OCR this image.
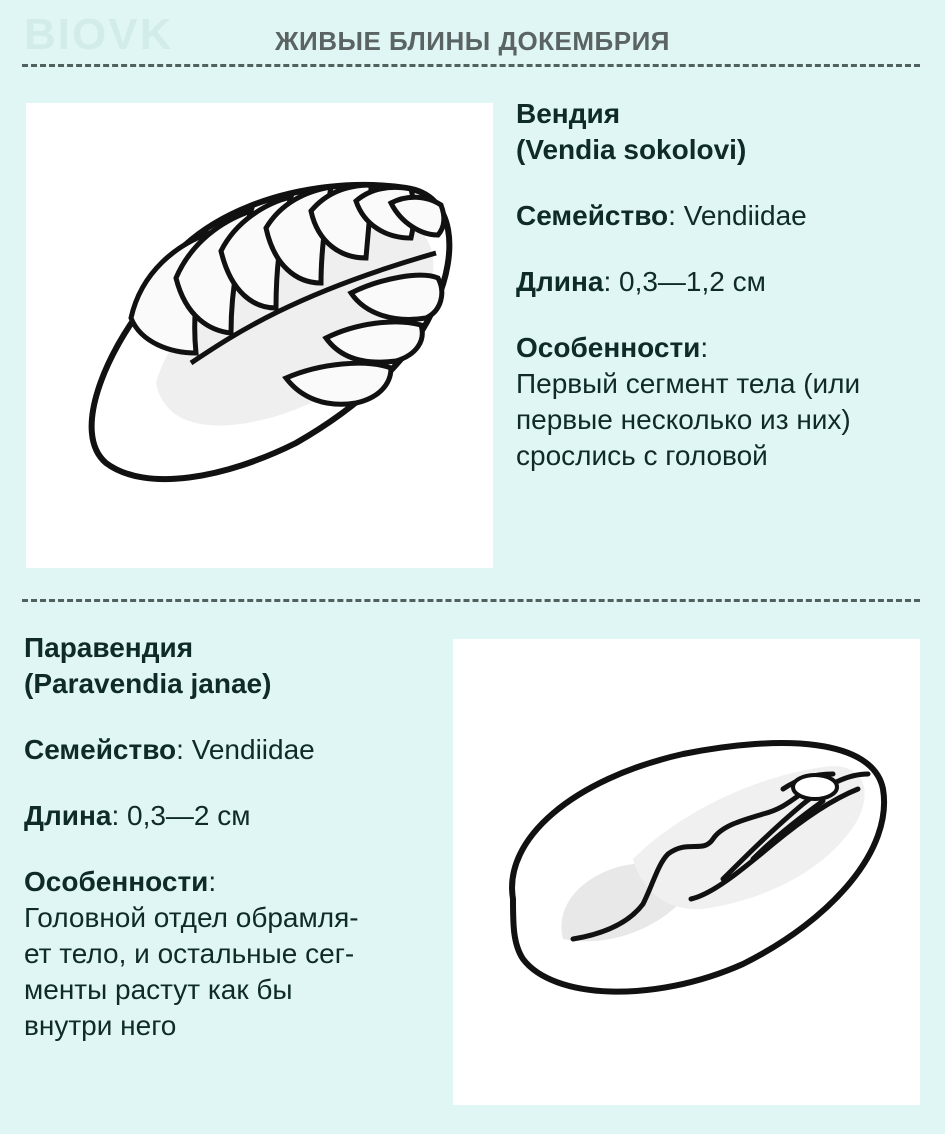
BIOVK	ЖИВЫЕ БЛИНЫ ДОКЕМБРИЯ
Вендия
(Vendia sokolovi)
Семейство: Vendiidae
Длина: 0,3—1,2 см
Особенности:
Первый сегмент тела (или
первые несколько из них)
срослись с головой
Паравендия
(Paravendia janae)
Семейство: Vendiidae
Длина: 0,3—2 см
Особенности:
Головной отдел обрамля-
ет тело, и остальные сег-
менты растут как бы
внутри него
